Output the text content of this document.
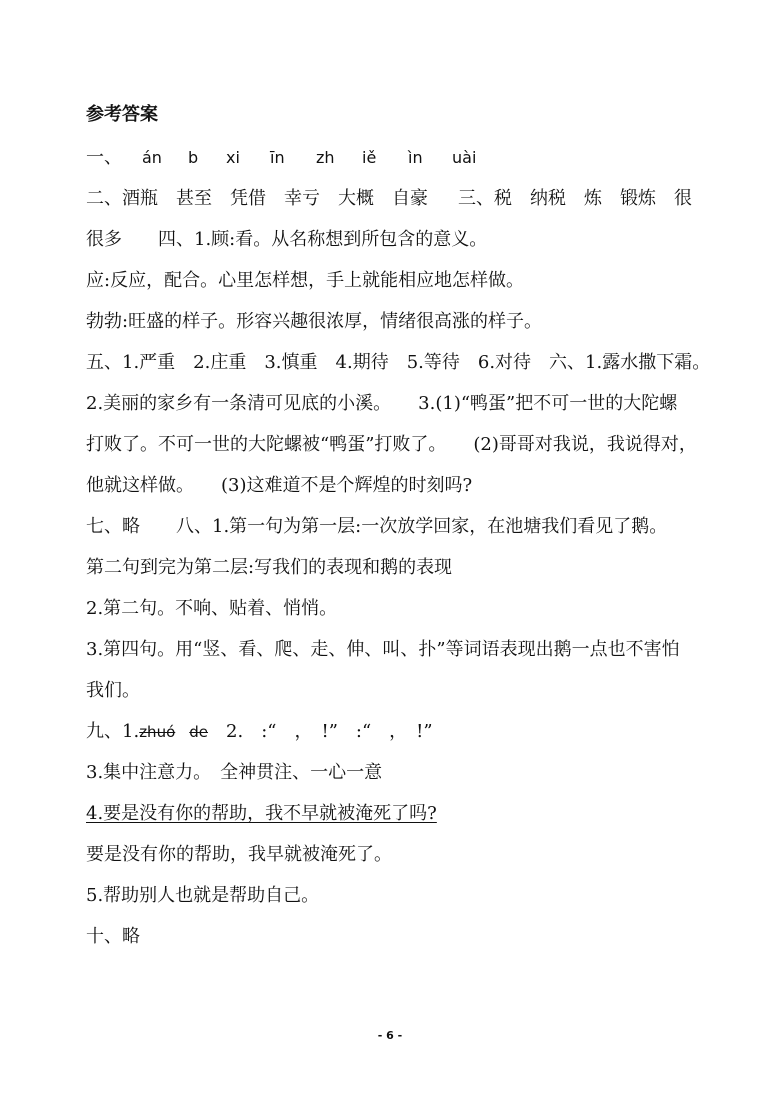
参考答案
一、 án b xi īn zh iě ìn uài
二、酒瓶　甚至　凭借　幸亏　大概　自豪 三、税　纳税　炼　锻炼　很
很多　　四、1.顾:看。从名称想到所包含的意义。
应:反应，配合。心里怎样想，手上就能相应地怎样做。
勃勃:旺盛的样子。形容兴趣很浓厚，情绪很高涨的样子。
五、1.严重　2.庄重　3.慎重　4.期待　5.等待　6.对待　六、1.露水撒下霜。
2.美丽的家乡有一条清可见底的小溪。　　3.(1)“鸭蛋”把不可一世的大陀螺
打败了。不可一世的大陀螺被“鸭蛋”打败了。　　(2)哥哥对我说，我说得对，
他就这样做。　　(3)这难道不是个辉煌的时刻吗?
七、略　　八、1.第一句为第一层:一次放学回家，在池塘我们看见了鹅。
第二句到完为第二层:写我们的表现和鹅的表现
2.第二句。不响、贴着、悄悄。
3.第四句。用“竖、看、爬、走、伸、叫、扑”等词语表现出鹅一点也不害怕
我们。
九、1.zhuó de　2.　:“　，　!”　:“　，　!”
3.集中注意力。　全神贯注、一心一意
4.要是没有你的帮助，我不早就被淹死了吗?
要是没有你的帮助，我早就被淹死了。
5.帮助别人也就是帮助自己。
十、略
- 6 -
